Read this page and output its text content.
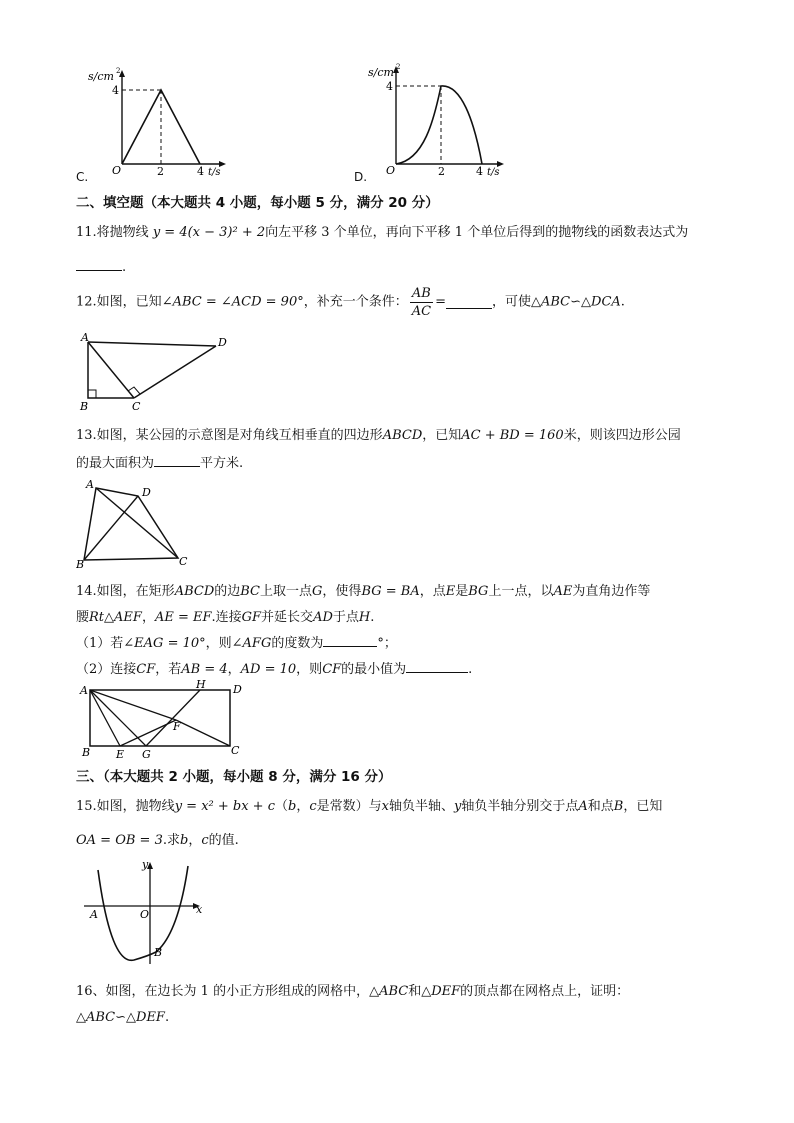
C.
s/cm 2
4
O	2	4 t/s	D.
s/cm 2
4
O	2	4 t/s
二、填空题（本大题共 4 小题，每小题 5 分，满分 20 分）
11.将抛物线 y = 4(x − 3)² + 2向左平移 3 个单位，再向下平移 1 个单位后得到的抛物线的函数表达式为
.
12.如图，已知∠ABC = ∠ACD = 90°，补充一个条件： $\frac{AB}{AC}$ =	，可使△ABC∽△DCA.
A	D
B	C
13.如图，某公园的示意图是对角线互相垂直的四边形ABCD，已知AC + BD = 160米，则该四边形公园
的最大面积为	平方米.
A
D
B	C
14.如图，在矩形ABCD的边BC上取一点G，使得BG = BA，点E是BG上一点，以AE为直角边作等
腰Rt△AEF，AE = EF.连接GF并延长交AD于点H.
（1）若∠EAG = 10°，则∠AFG的度数为	°；
（2）连接CF，若AB = 4，AD = 10，则CF的最小值为	.
A	H D
F
B E G	C
三、（本大题共 2 小题，每小题 8 分，满分 16 分）
15.如图，抛物线y = x² + bx + c（b，c是常数）与x轴负半轴、y轴负半轴分别交于点A和点B，已知
OA = OB = 3.求b，c的值.
y
A	O	x
B
16、如图，在边长为 1 的小正方形组成的网格中，△ABC和△DEF的顶点都在网格点上，证明：
△ABC∽△DEF.
